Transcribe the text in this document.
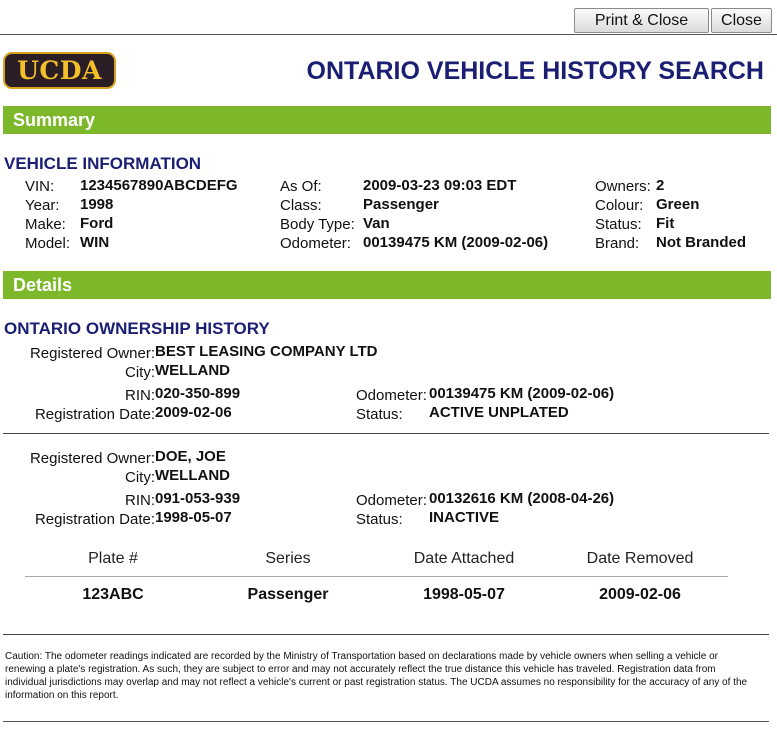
Print & Close	Close
UCDA	ONTARIO VEHICLE HISTORY SEARCH
Summary
VEHICLE INFORMATION
VIN: 1234567890ABCDEFG
Year: 1998
Make: Ford
Model: WIN
As Of:	2009-03-23 09:03 EDT
Class:	Passenger
Body Type: Van
Odometer: 00139475 KM (2009-02-06)
Owners: 2
Colour: Green
Status: Fit
Brand: Not Branded
Details
ONTARIO OWNERSHIP HISTORY
Registered Owner: BEST LEASING COMPANY LTD
City: WELLAND
RIN: 020-350-899
Registration Date: 2009-02-06
Odometer: 00139475 KM (2009-02-06)
Status: ACTIVE UNPLATED
Registered Owner: DOE, JOE
City: WELLAND
RIN: 091-053-939
Registration Date: 1998-05-07
Odometer: 00132616 KM (2008-04-26)
Status: INACTIVE
Plate #	Series	Date Attached	Date Removed
123ABC	Passenger	1998-05-07	2009-02-06
Caution: The odometer readings indicated are recorded by the Ministry of Transportation based on declarations made by vehicle owners when selling a vehicle or renewing a plate's registration. As such, they are subject to error and may not accurately reflect the true distance this vehicle has traveled. Registration data from individual jurisdictions may overlap and may not reflect a vehicle's current or past registration status. The UCDA assumes no responsibility for the accuracy of any of the information on this report.
